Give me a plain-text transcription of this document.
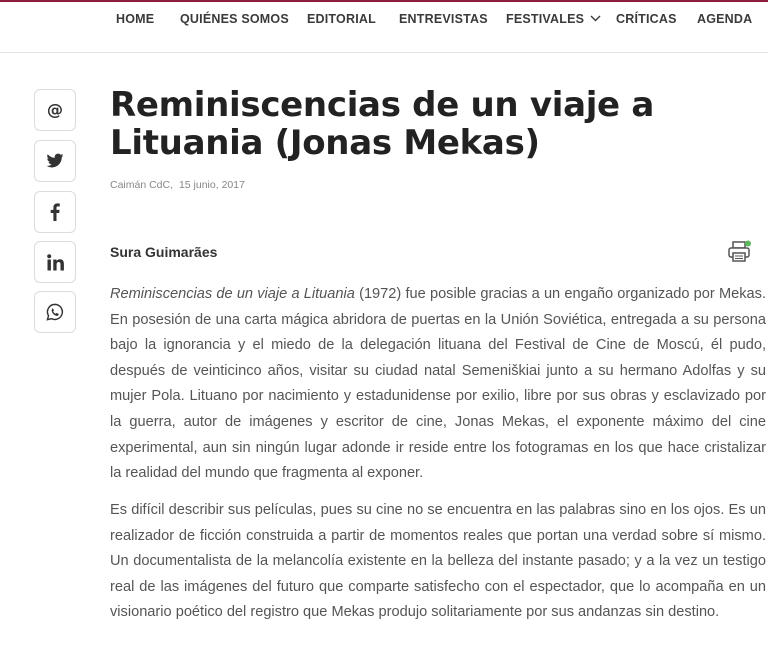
HOME QUIÉNES SOMOS EDITORIAL ENTREVISTAS FESTIVALES	CRÍTICAS AGENDA
@ Reminiscencias de un viaje a Lituania (Jonas Mekas)
Caimán CdC, 15 junio, 2017
Sura Guimarães

Reminiscencias de un viaje a Lituania (1972) fue posible gracias a un engaño organizado por Mekas. En posesión de una carta mágica abridora de puertas en la Unión Soviética, entregada a su persona bajo la ignorancia y el miedo de la delegación lituana del Festival de Cine de Moscú, él pudo, después de veinticinco años, visitar su ciudad natal Semeniškiai junto a su hermano Adolfas y su mujer Pola. Lituano por nacimiento y estadunidense por exilio, libre por sus obras y esclavizado por la guerra, autor de imágenes y escritor de cine, Jonas Mekas, el exponente máximo del cine experimental, aun sin ningún lugar adonde ir reside entre los fotogramas en los que hace cristalizar la realidad del mundo que fragmenta al exponer.

Es difícil describir sus películas, pues su cine no se encuentra en las palabras sino en los ojos. Es un realizador de ficción construida a partir de momentos reales que portan una verdad sobre sí mismo. Un documentalista de la melancolía existente en la belleza del instante pasado; y a la vez un testigo real de las imágenes del futuro que comparte satisfecho con el espectador, que lo acompaña en un visionario poético del registro que Mekas produjo solitariamente por sus andanzas sin destino.
